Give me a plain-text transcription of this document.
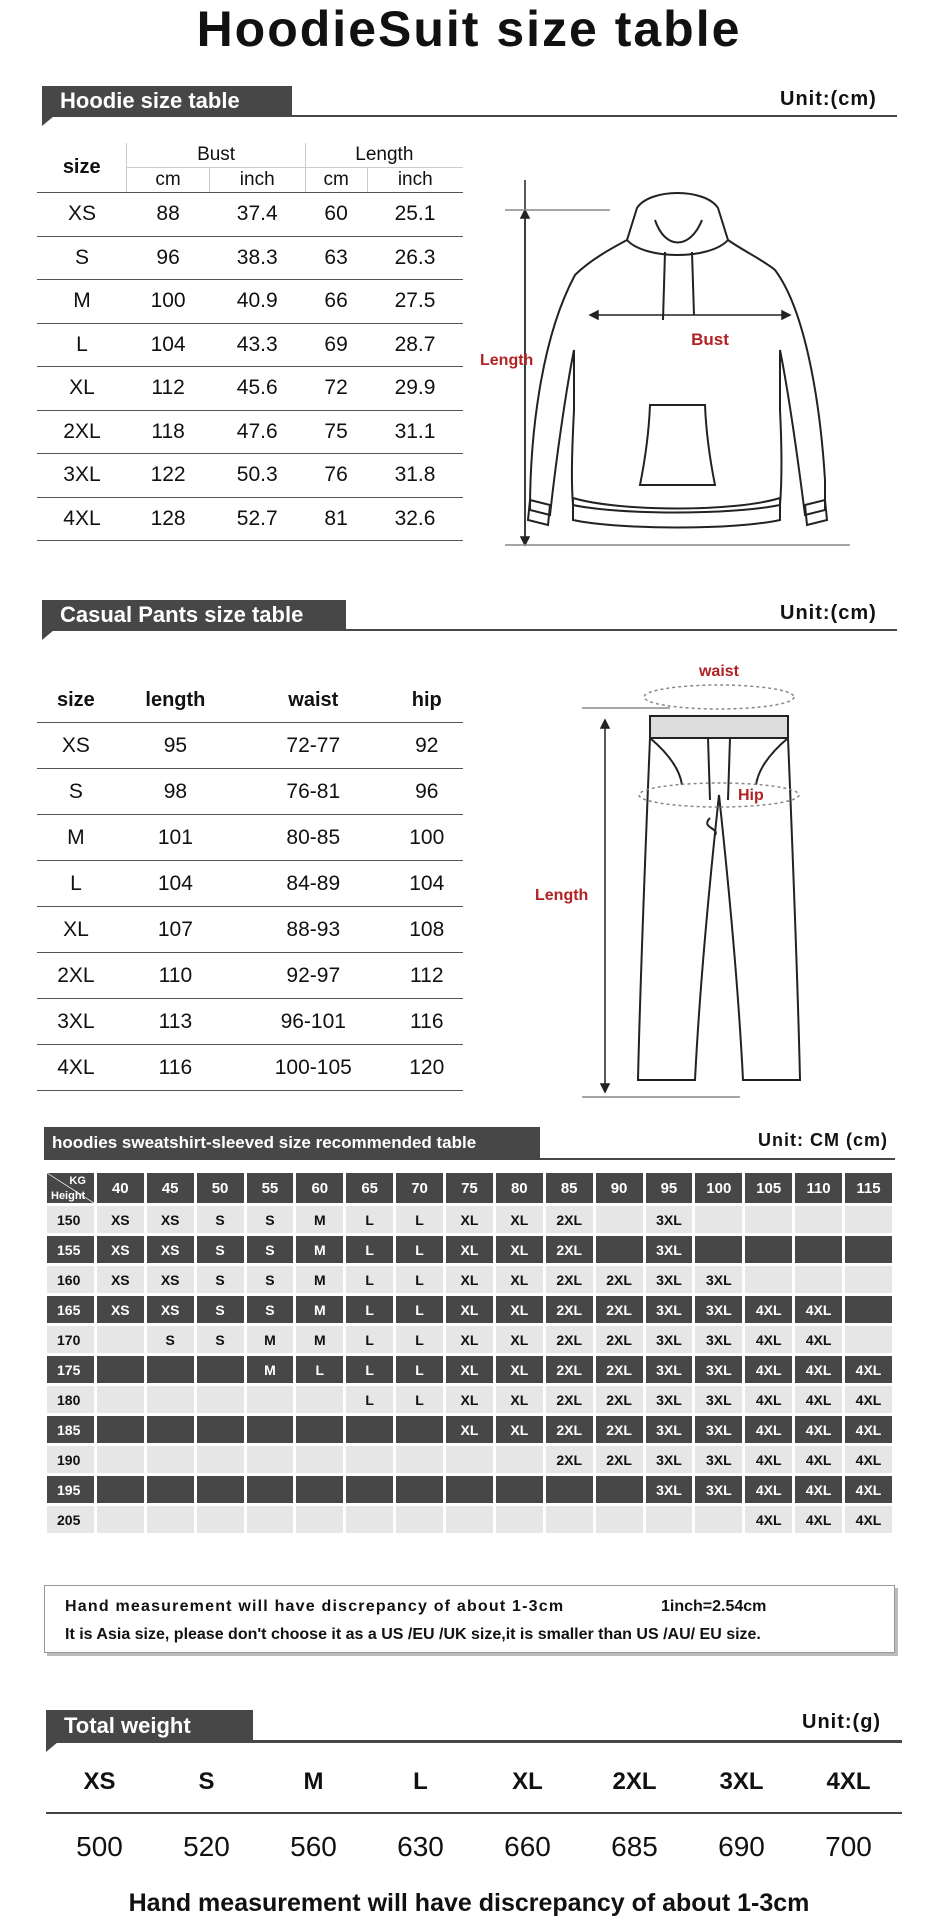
HoodieSuit size table
Hoodie size table	Unit:(cm)
size	Bust		Length	
	cm	inch	cm	inch
XS	88	37.4	60	25.1
S	96	38.3	63	26.3
M	100	40.9	66	27.5
L	104	43.3	69	28.7
XL	112	45.6	72	29.9
2XL	118	47.6	75	31.1
3XL	122	50.3	76	31.8
4XL	128	52.7	81	32.6
Bust
Length
Casual Pants size table	Unit:(cm)
size	length	waist	hip
XS	95	72-77	92
S	98	76-81	96
M	101	80-85	100
L	104	84-89	104
XL	107	88-93	108
2XL	110	92-97	112
3XL	113	96-101	116
4XL	116	100-105	120
waist
Hip
Length
hoodies sweatshirt-sleeved size recommended table	Unit: CM (cm)
KG
Height	40	45	50	55	60	65	70	75	80	85	90	95	100	105	110	115
150	XS	XS	S	S	M	L	L	XL	XL	2XL		3XL				
155	XS	XS	S	S	M	L	L	XL	XL	2XL		3XL				
160	XS	XS	S	S	M	L	L	XL	XL	2XL	2XL	3XL	3XL			
165	XS	XS	S	S	M	L	L	XL	XL	2XL	2XL	3XL	3XL	4XL	4XL	
170		S	S	M	M	L	L	XL	XL	2XL	2XL	3XL	3XL	4XL	4XL	
175				M	L	L	L	XL	XL	2XL	2XL	3XL	3XL	4XL	4XL	4XL
180						L	L	XL	XL	2XL	2XL	3XL	3XL	4XL	4XL	4XL
185								XL	XL	2XL	2XL	3XL	3XL	4XL	4XL	4XL
190										2XL	2XL	3XL	3XL	4XL	4XL	4XL
195												3XL	3XL	4XL	4XL	4XL
205														4XL	4XL	4XL
Hand measurement will have discrepancy of about 1-3cm	1inch=2.54cm
It is Asia size, please don't choose it as a US /EU /UK size,it is smaller than US /AU/ EU size.
Total weight	Unit:(g)
XS	S	M	L	XL	2XL	3XL	4XL
500	520	560	630	660	685	690	700
Hand measurement will have discrepancy of about 1-3cm
